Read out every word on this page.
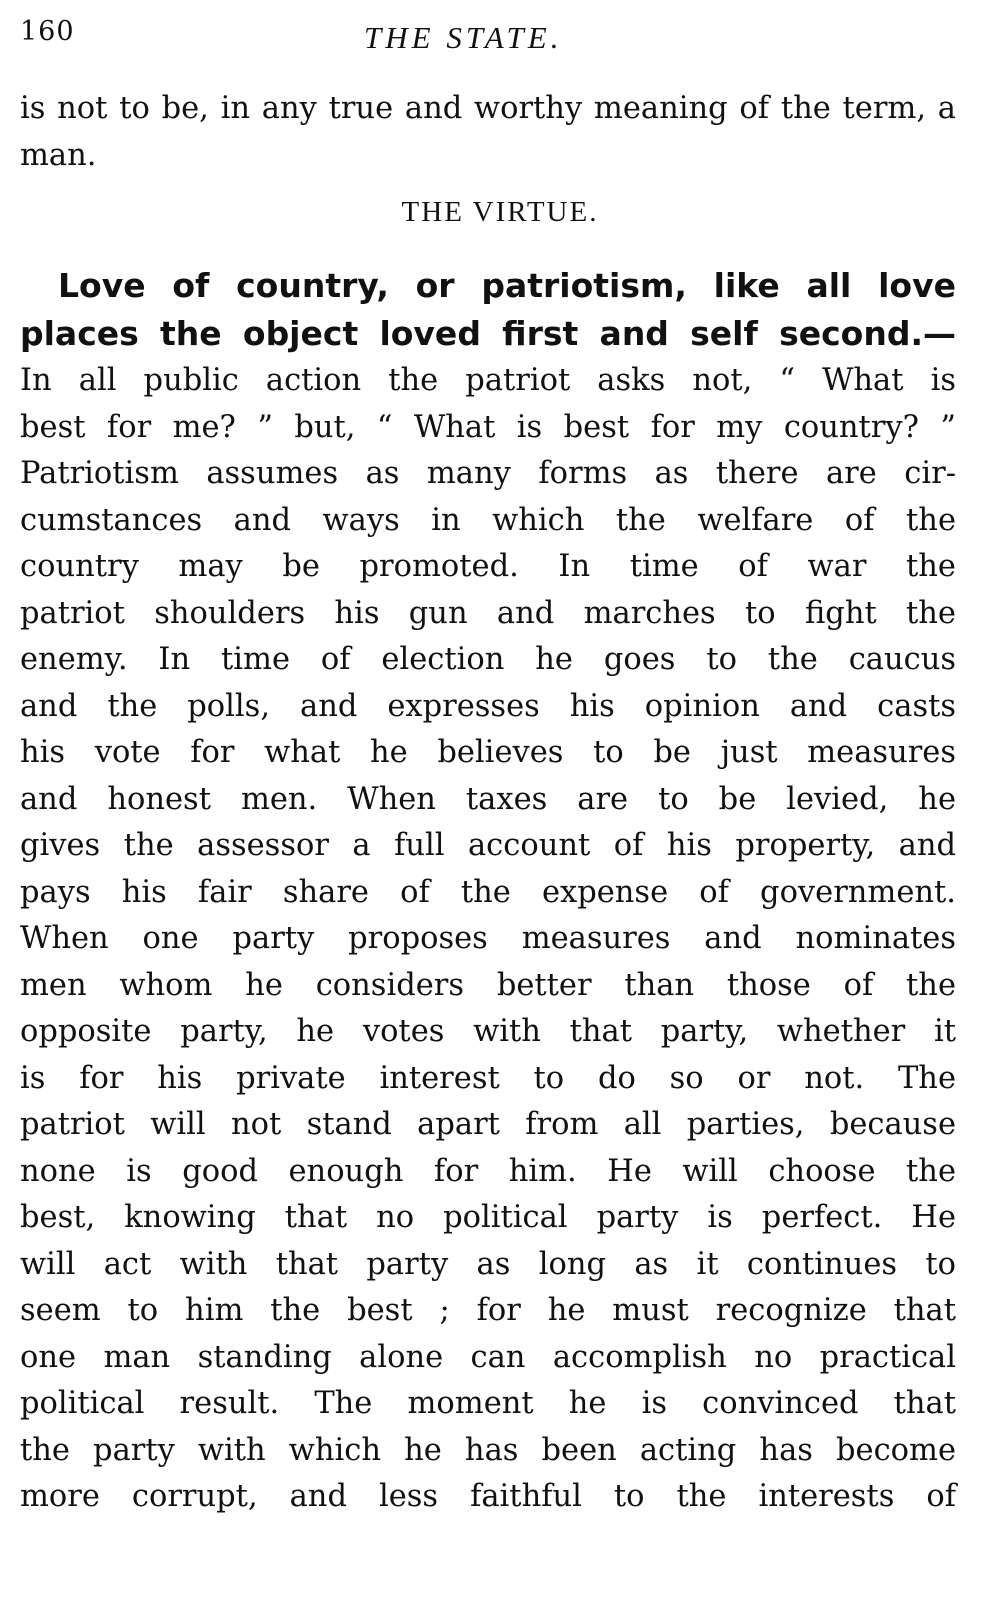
160	THE STATE.

is not to be, in any true and worthy meaning of the term, a man.

THE VIRTUE.
Love of country, or patriotism, like all love places the object loved first and self second.—
In all public action the patriot asks not, “ What is
best for me? ” but, “ What is best for my country? ”
Patriotism assumes as many forms as there are cir-
cumstances and ways in which the welfare of the
country may be promoted. In time of war the
patriot shoulders his gun and marches to fight the
enemy. In time of election he goes to the caucus
and the polls, and expresses his opinion and casts
his vote for what he believes to be just measures
and honest men. When taxes are to be levied, he
gives the assessor a full account of his property, and
pays his fair share of the expense of government.
When one party proposes measures and nominates
men whom he considers better than those of the
opposite party, he votes with that party, whether it
is for his private interest to do so or not. The
patriot will not stand apart from all parties, because
none is good enough for him. He will choose the
best, knowing that no political party is perfect. He
will act with that party as long as it continues to
seem to him the best ; for he must recognize that
one man standing alone can accomplish no practical
political result. The moment he is convinced that
the party with which he has been acting has become
more corrupt, and less faithful to the interests of
